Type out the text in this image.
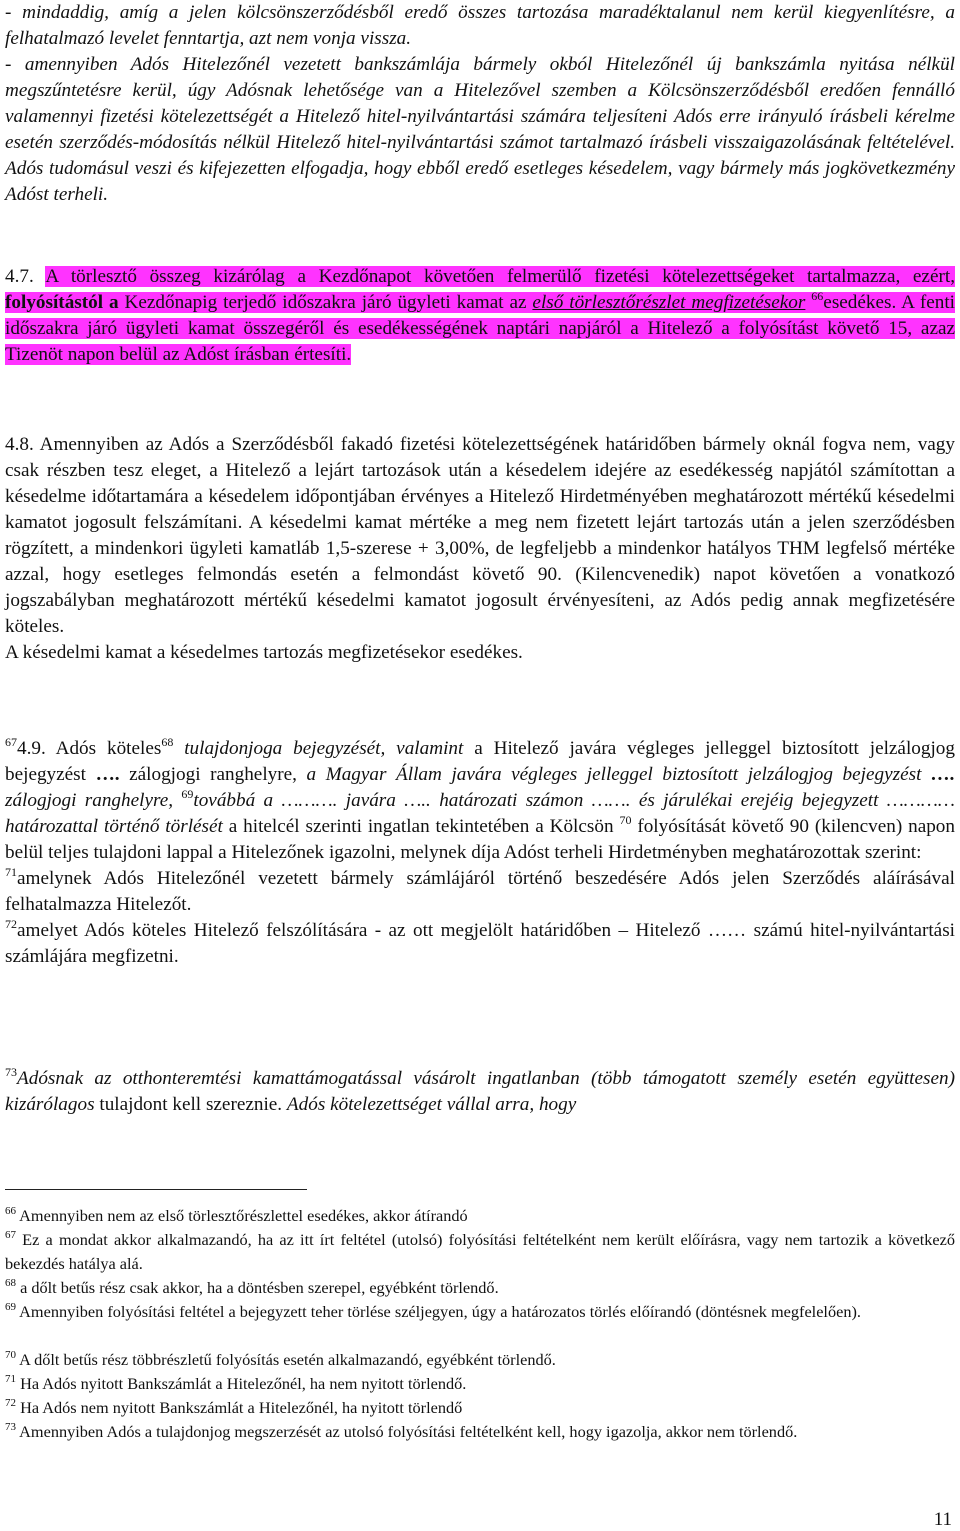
- mindaddig, amíg a jelen kölcsönszerződésből eredő összes tartozása maradéktalanul nem kerül kiegyenlítésre, a felhatalmazó levelet fenntartja, azt nem vonja vissza.
- amennyiben Adós Hitelezőnél vezetett bankszámlája bármely okból Hitelezőnél új bankszámla nyitása nélkül megszűntetésre kerül, úgy Adósnak lehetősége van a Hitelezővel szemben a Kölcsönszerződésből eredően fennálló valamennyi fizetési kötelezettségét a Hitelező hitel-nyilvántartási számára teljesíteni Adós erre irányuló írásbeli kérelme esetén szerződés-módosítás nélkül Hitelező hitel-nyilvántartási számot tartalmazó írásbeli visszaigazolásának feltételével. Adós tudomásul veszi és kifejezetten elfogadja, hogy ebből eredő esetleges késedelem, vagy bármely más jogkövetkezmény Adóst terheli.

4.7. A törlesztő összeg kizárólag a Kezdőnapot követően felmerülő fizetési kötelezettségeket tartalmazza, ezért, folyósítástól a Kezdőnapig terjedő időszakra járó ügyleti kamat az első törlesztőrészlet megfizetésekor $^{66}$esedékes. A fenti időszakra járó ügyleti kamat összegéről és esedékességének naptári napjáról a Hitelező a folyósítást követő 15, azaz Tizenöt napon belül az Adóst írásban értesíti.

4.8. Amennyiben az Adós a Szerződésből fakadó fizetési kötelezettségének határidőben bármely oknál fogva nem, vagy csak részben tesz eleget, a Hitelező a lejárt tartozások után a késedelem idejére az esedékesség napjától számítottan a késedelme időtartamára a késedelem időpontjában érvényes a Hitelező Hirdetményében meghatározott mértékű késedelmi kamatot jogosult felszámítani. A késedelmi kamat mértéke a meg nem fizetett lejárt tartozás után a jelen szerződésben rögzített, a mindenkori ügyleti kamatláb 1,5-szerese + 3,00%, de legfeljebb a mindenkor hatályos THM legfelső mértéke azzal, hogy esetleges felmondás esetén a felmondást követő 90. (Kilencvenedik) napot követően a vonatkozó jogszabályban meghatározott mértékű késedelmi kamatot jogosult érvényesíteni, az Adós pedig annak megfizetésére köteles.
A késedelmi kamat a késedelmes tartozás megfizetésekor esedékes.

$^{67}$4.9. Adós köteles$^{68}$ tulajdonjoga bejegyzését, valamint a Hitelező javára végleges jelleggel biztosított jelzálogjog bejegyzést …. zálogjogi ranghelyre, a Magyar Állam javára végleges jelleggel biztosított jelzálogjog bejegyzést …. zálogjogi ranghelyre, $^{69}$továbbá a ………. javára ….. határozati számon ……. és járulékai erejéig bejegyzett ………… határozattal történő törlését a hitelcél szerinti ingatlan tekintetében a Kölcsön $^{70}$ folyósítását követő 90 (kilencven) napon belül teljes tulajdoni lappal a Hitelezőnek igazolni, melynek díja Adóst terheli Hirdetményben meghatározottak szerint:
$^{71}$amelynek Adós Hitelezőnél vezetett bármely számlájáról történő beszedésére Adós jelen Szerződés aláírásával felhatalmazza Hitelezőt.
$^{72}$amelyet Adós köteles Hitelező felszólítására - az ott megjelölt határidőben – Hitelező …… számú hitel-nyilvántartási számlájára megfizetni.

$^{73}$Adósnak az otthonteremtési kamattámogatással vásárolt ingatlanban (több támogatott személy esetén együttesen) kizárólagos tulajdont kell szereznie. Adós kötelezettséget vállal arra, hogy

$^{66}$ Amennyiben nem az első törlesztőrészlettel esedékes, akkor átírandó

$^{67}$ Ez a mondat akkor alkalmazandó, ha az itt írt feltétel (utolsó) folyósítási feltételként nem került előírásra, vagy nem tartozik a következő bekezdés hatálya alá.

$^{68}$ a dőlt betűs rész csak akkor, ha a döntésben szerepel, egyébként törlendő.

$^{69}$ Amennyiben folyósítási feltétel a bejegyzett teher törlése széljegyen, úgy a határozatos törlés előírandó (döntésnek megfelelően).

$^{70}$ A dőlt betűs rész többrészletű folyósítás esetén alkalmazandó, egyébként törlendő.

$^{71}$ Ha Adós nyitott Bankszámlát a Hitelezőnél, ha nem nyitott törlendő.

$^{72}$ Ha Adós nem nyitott Bankszámlát a Hitelezőnél, ha nyitott törlendő

$^{73}$ Amennyiben Adós a tulajdonjog megszerzését az utolsó folyósítási feltételként kell, hogy igazolja, akkor nem törlendő.

11
